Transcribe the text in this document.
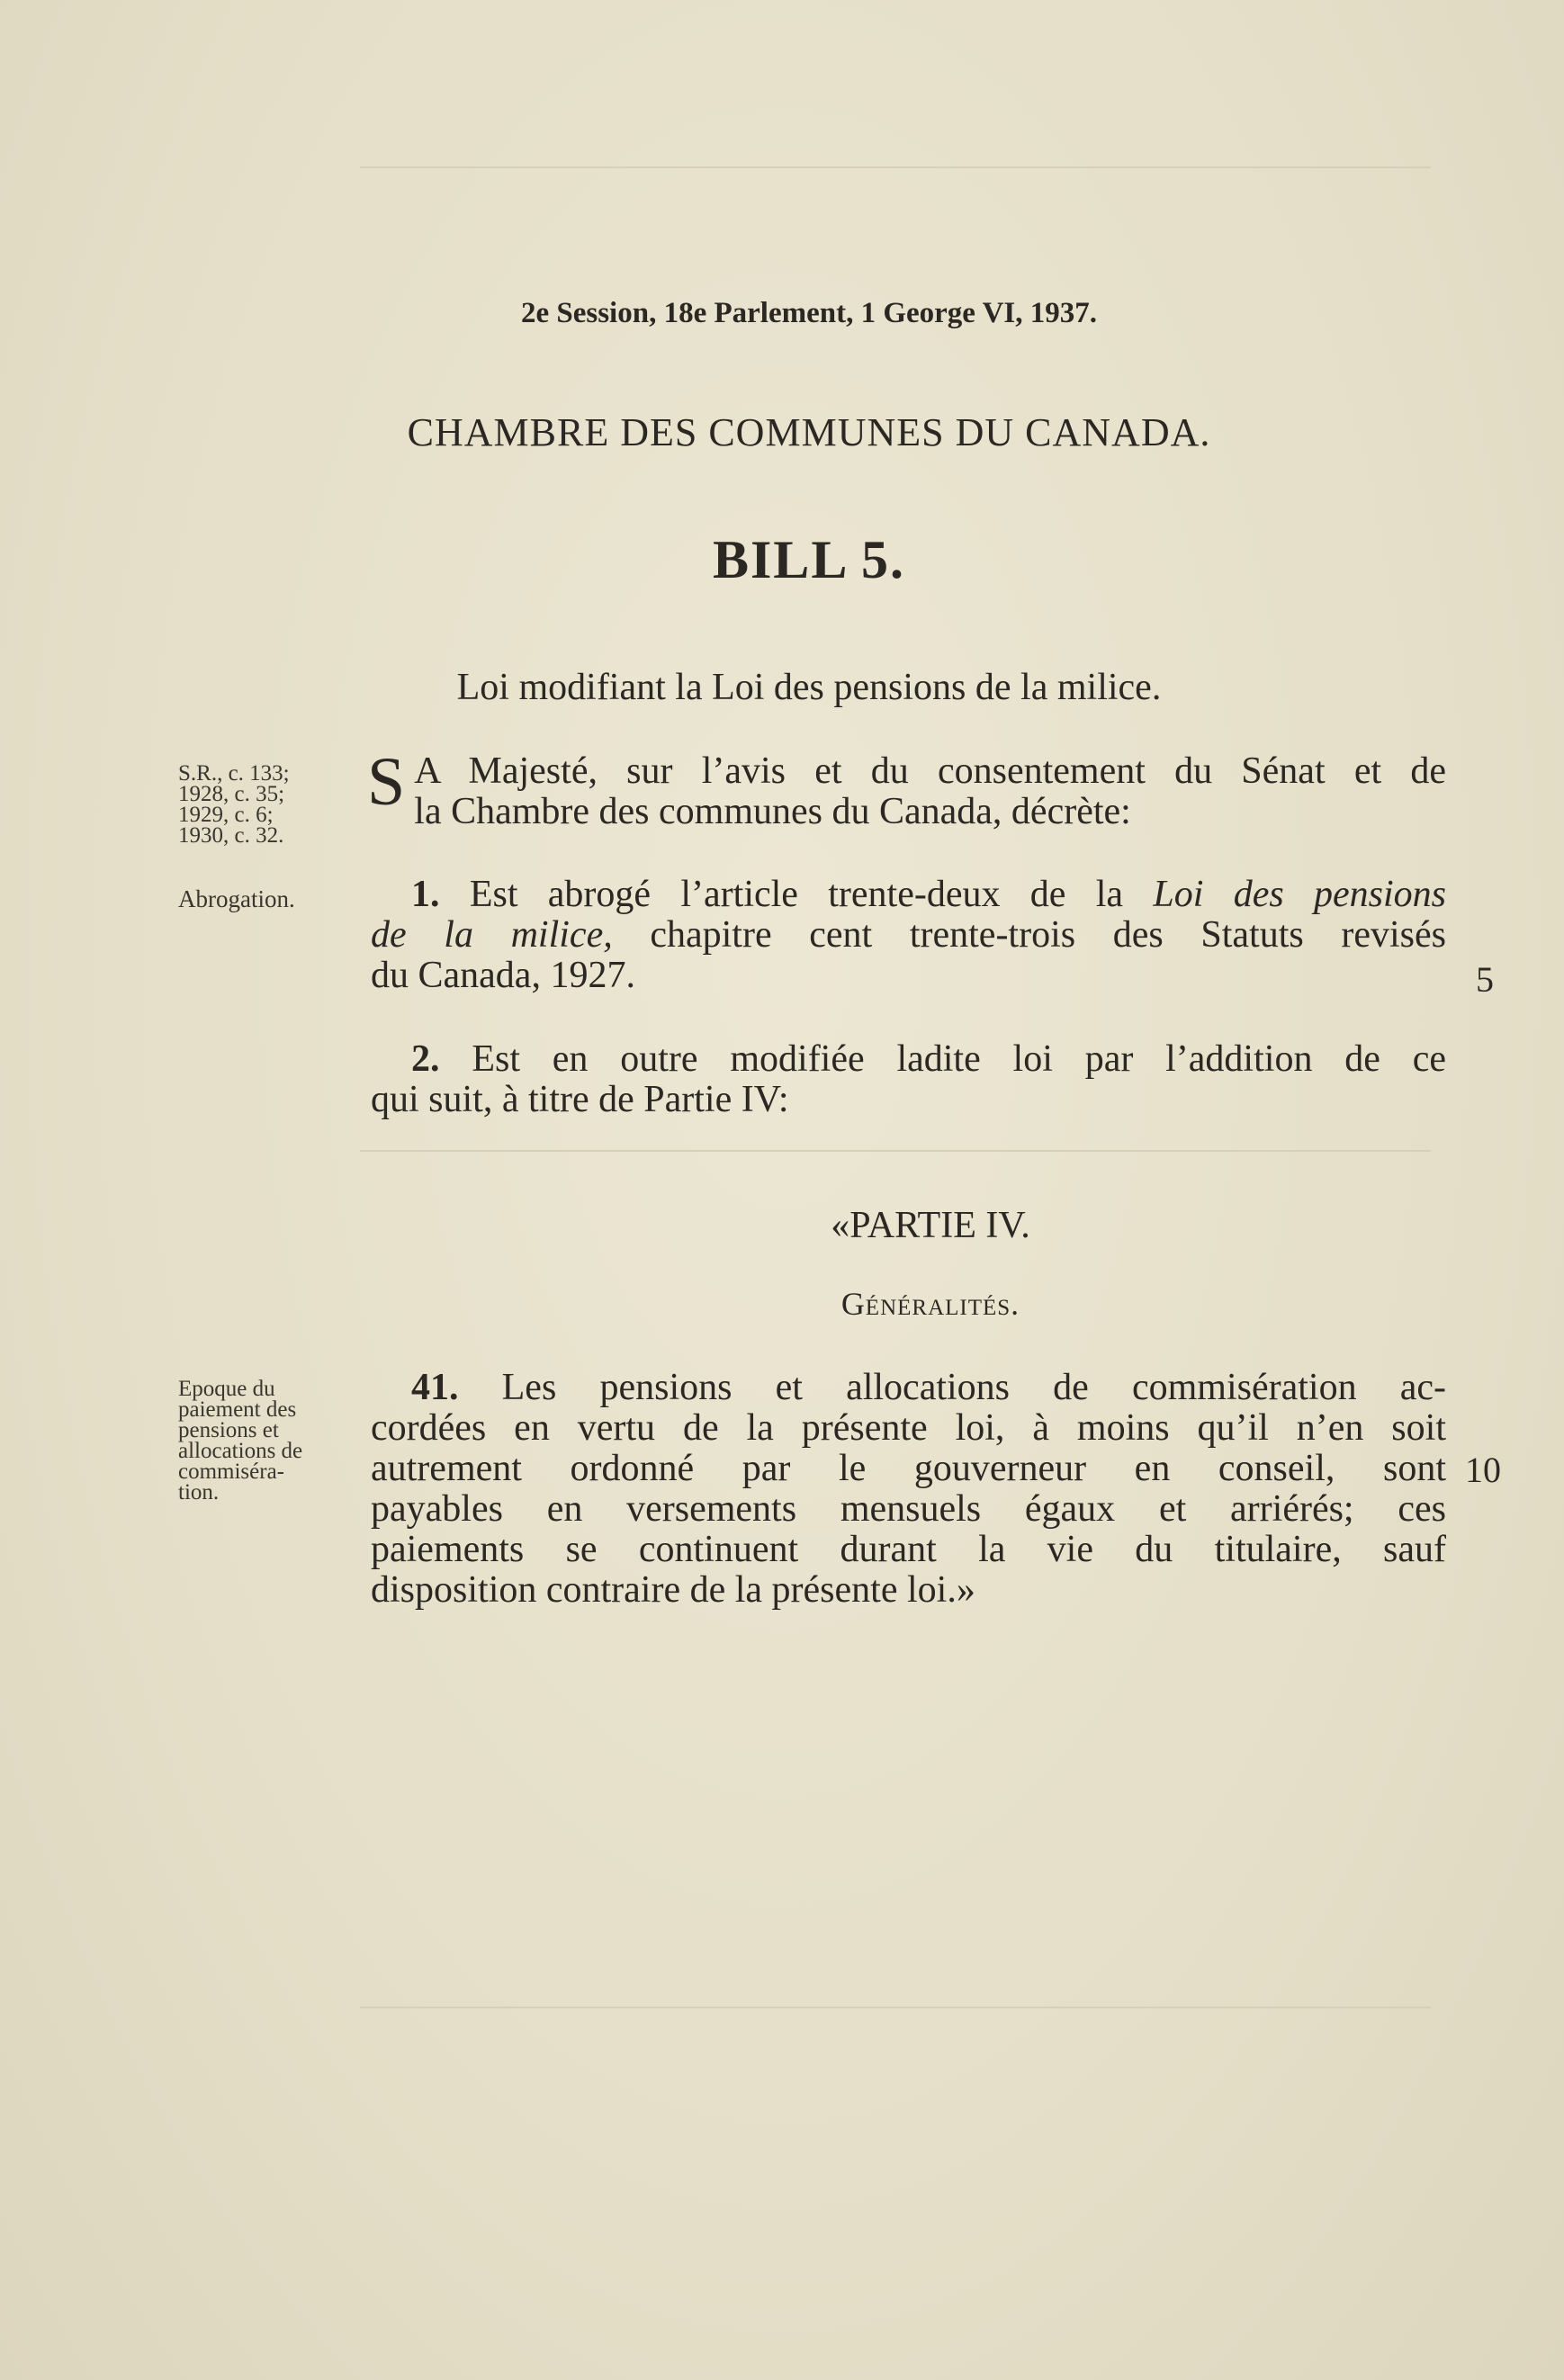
2e Session, 18e Parlement, 1 George VI, 1937.
CHAMBRE DES COMMUNES DU CANADA.
BILL 5.
Loi modifiant la Loi des pensions de la milice.
S.R., c. 133;
1928, c. 35;
1929, c. 6;
1930, c. 32.
Abrogation.
Epoque du
paiement des
pensions et
allocations de
commiséra-
tion.
S A Majesté, sur l’avis et du consentement du Sénat et de
la Chambre des communes du Canada, décrète:
1. Est abrogé l’article trente-deux de la Loi des pensions
de la milice, chapitre cent trente-trois des Statuts revisés
du Canada, 1927.	5
2. Est en outre modifiée ladite loi par l’addition de ce
qui suit, à titre de Partie IV:
«PARTIE IV.
Généralités.
41. Les pensions et allocations de commisération ac-
cordées en vertu de la présente loi, à moins qu’il n’en soit
autrement ordonné par le gouverneur en conseil, sont
payables en versements mensuels égaux et arriérés; ces
paiements se continuent durant la vie du titulaire, sauf
disposition contraire de la présente loi.»
10
